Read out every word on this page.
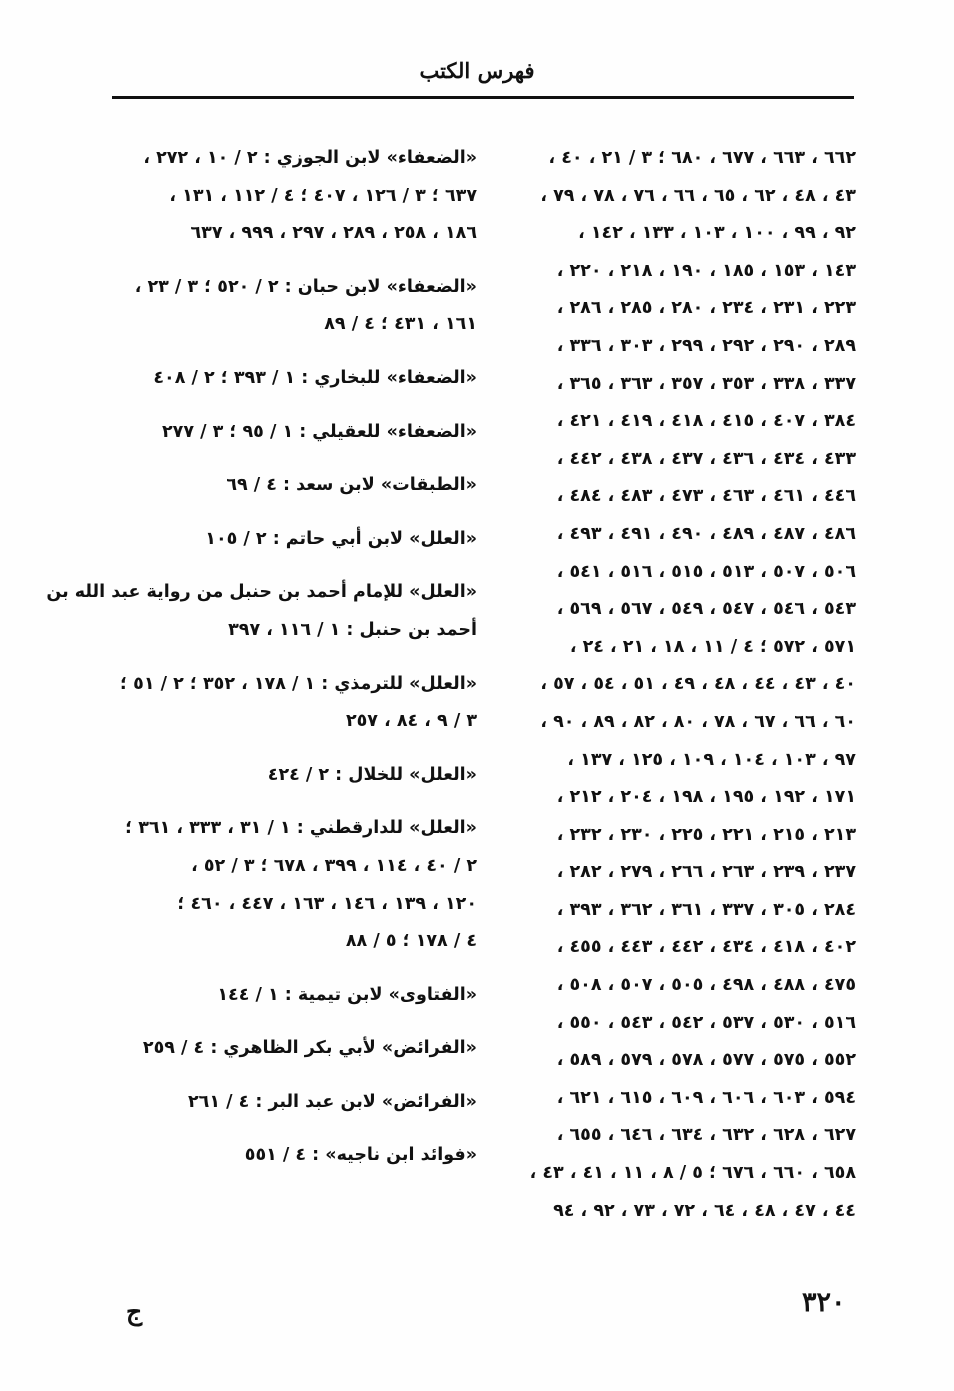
فهرس الكتب
٦٦٢ ، ٦٦٣ ، ٦٧٧ ، ٦٨٠ ؛ ٣ / ٢١ ، ٤٠ ،
٤٣ ، ٤٨ ، ٦٢ ، ٦٥ ، ٦٦ ، ٧٦ ، ٧٨ ، ٧٩ ،
٩٢ ، ٩٩ ، ١٠٠ ، ١٠٣ ، ١٣٣ ، ١٤٢ ،
١٤٣ ، ١٥٣ ، ١٨٥ ، ١٩٠ ، ٢١٨ ، ٢٢٠ ،
٢٢٣ ، ٢٣١ ، ٢٣٤ ، ٢٨٠ ، ٢٨٥ ، ٢٨٦ ،
٢٨٩ ، ٢٩٠ ، ٢٩٢ ، ٢٩٩ ، ٣٠٣ ، ٣٣٦ ،
٣٣٧ ، ٣٣٨ ، ٣٥٣ ، ٣٥٧ ، ٣٦٣ ، ٣٦٥ ،
٣٨٤ ، ٤٠٧ ، ٤١٥ ، ٤١٨ ، ٤١٩ ، ٤٢١ ،
٤٣٣ ، ٤٣٤ ، ٤٣٦ ، ٤٣٧ ، ٤٣٨ ، ٤٤٢ ،
٤٤٦ ، ٤٦١ ، ٤٦٣ ، ٤٧٣ ، ٤٨٣ ، ٤٨٤ ،
٤٨٦ ، ٤٨٧ ، ٤٨٩ ، ٤٩٠ ، ٤٩١ ، ٤٩٣ ،
٥٠٦ ، ٥٠٧ ، ٥١٣ ، ٥١٥ ، ٥١٦ ، ٥٤١ ،
٥٤٣ ، ٥٤٦ ، ٥٤٧ ، ٥٤٩ ، ٥٦٧ ، ٥٦٩ ،
٥٧١ ، ٥٧٢ ؛ ٤ / ١١ ، ١٨ ، ٢١ ، ٢٤ ،
٤٠ ، ٤٣ ، ٤٤ ، ٤٨ ، ٤٩ ، ٥١ ، ٥٤ ، ٥٧ ،
٦٠ ، ٦٦ ، ٦٧ ، ٧٨ ، ٨٠ ، ٨٢ ، ٨٩ ، ٩٠ ،
٩٧ ، ١٠٣ ، ١٠٤ ، ١٠٩ ، ١٢٥ ، ١٣٧ ،
١٧١ ، ١٩٢ ، ١٩٥ ، ١٩٨ ، ٢٠٤ ، ٢١٢ ،
٢١٣ ، ٢١٥ ، ٢٢١ ، ٢٢٥ ، ٢٣٠ ، ٢٣٢ ،
٢٣٧ ، ٢٣٩ ، ٢٦٣ ، ٢٦٦ ، ٢٧٩ ، ٢٨٢ ،
٢٨٤ ، ٣٠٥ ، ٣٣٧ ، ٣٦١ ، ٣٦٢ ، ٣٩٣ ،
٤٠٢ ، ٤١٨ ، ٤٣٤ ، ٤٤٢ ، ٤٤٣ ، ٤٥٥ ،
٤٧٥ ، ٤٨٨ ، ٤٩٨ ، ٥٠٥ ، ٥٠٧ ، ٥٠٨ ،
٥١٦ ، ٥٣٠ ، ٥٣٧ ، ٥٤٢ ، ٥٤٣ ، ٥٥٠ ،
٥٥٢ ، ٥٧٥ ، ٥٧٧ ، ٥٧٨ ، ٥٧٩ ، ٥٨٩ ،
٥٩٤ ، ٦٠٣ ، ٦٠٦ ، ٦٠٩ ، ٦١٥ ، ٦٢١ ،
٦٢٧ ، ٦٢٨ ، ٦٣٢ ، ٦٣٤ ، ٦٤٦ ، ٦٥٥ ،
٦٥٨ ، ٦٦٠ ، ٦٧٦ ؛ ٥ / ٨ ، ١١ ، ٤١ ، ٤٣ ،
٤٤ ، ٤٧ ، ٤٨ ، ٦٤ ، ٧٢ ، ٧٣ ، ٩٢ ، ٩٤
«الضعفاء» لابن الجوزي : ٢ / ١٠ ، ٢٧٢ ،
٦٣٧ ؛ ٣ / ١٢٦ ، ٤٠٧ ؛ ٤ / ١١٢ ، ١٣١ ،
١٨٦ ، ٢٥٨ ، ٢٨٩ ، ٢٩٧ ، ٩٩٩ ، ٦٣٧
«الضعفاء» لابن حبان : ٢ / ٥٢٠ ؛ ٣ / ٢٣ ،
١٦١ ، ٤٣١ ؛ ٤ / ٨٩
«الضعفاء» للبخاري : ١ / ٣٩٣ ؛ ٢ / ٤٠٨
«الضعفاء» للعقيلي : ١ / ٩٥ ؛ ٣ / ٢٧٧
«الطبقات» لابن سعد : ٤ / ٦٩
«العلل» لابن أبي حاتم : ٢ / ١٠٥
«العلل» للإمام أحمد بن حنبل من رواية عبد الله بن
أحمد بن حنبل : ١ / ١١٦ ، ٣٩٧
«العلل» للترمذي : ١ / ١٧٨ ، ٣٥٢ ؛ ٢ / ٥١ ؛
٣ / ٩ ، ٨٤ ، ٢٥٧
«العلل» للخلال : ٢ / ٤٢٤
«العلل» للدارقطني : ١ / ٣١ ، ٣٣٣ ، ٣٦١ ؛
٢ / ٤٠ ، ١١٤ ، ٣٩٩ ، ٦٧٨ ؛ ٣ / ٥٢ ،
١٢٠ ، ١٣٩ ، ١٤٦ ، ١٦٣ ، ٤٤٧ ، ٤٦٠ ؛
٤ / ١٧٨ ؛ ٥ / ٨٨
«الفتاوى» لابن تيمية : ١ / ١٤٤
«الفرائض» لأبي بكر الظاهري : ٤ / ٢٥٩
«الفرائض» لابن عبد البر : ٤ / ٢٦١
«فوائد ابن ناجيه» : ٤ / ٥٥١
٣٢٠
ج
